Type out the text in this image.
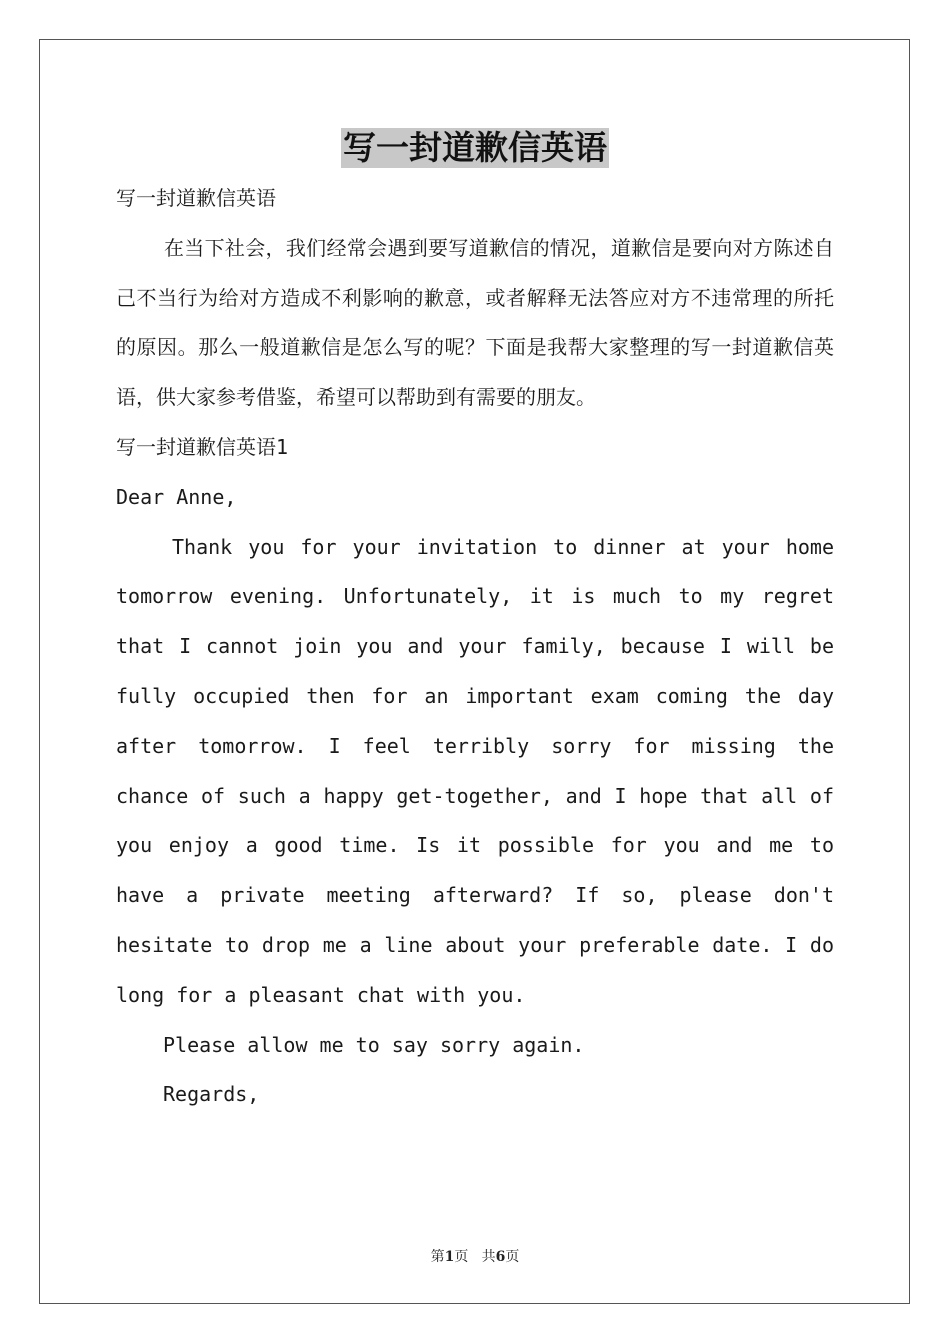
写一封道歉信英语

写一封道歉信英语

在当下社会，我们经常会遇到要写道歉信的情况，道歉信是要向对方陈述自己不当行为给对方造成不利影响的歉意，或者解释无法答应对方不违常理的所托的原因。那么一般道歉信是怎么写的呢？下面是我帮大家整理的写一封道歉信英语，供大家参考借鉴，希望可以帮助到有需要的朋友。

写一封道歉信英语1

Dear Anne,

Thank you for your invitation to dinner at your home tomorrow evening. Unfortunately, it is much to my regret that I cannot join you and your family, because I will be fully occupied then for an important exam coming the day after tomorrow. I feel terribly sorry for missing the chance of such a happy get-together, and I hope that all of you enjoy a good time. Is it possible for you and me to have a private meeting afterward? If so, please don't hesitate to drop me a line about your preferable date. I do long for a pleasant chat with you.

Please allow me to say sorry again.

Regards,

第1页 共6页
